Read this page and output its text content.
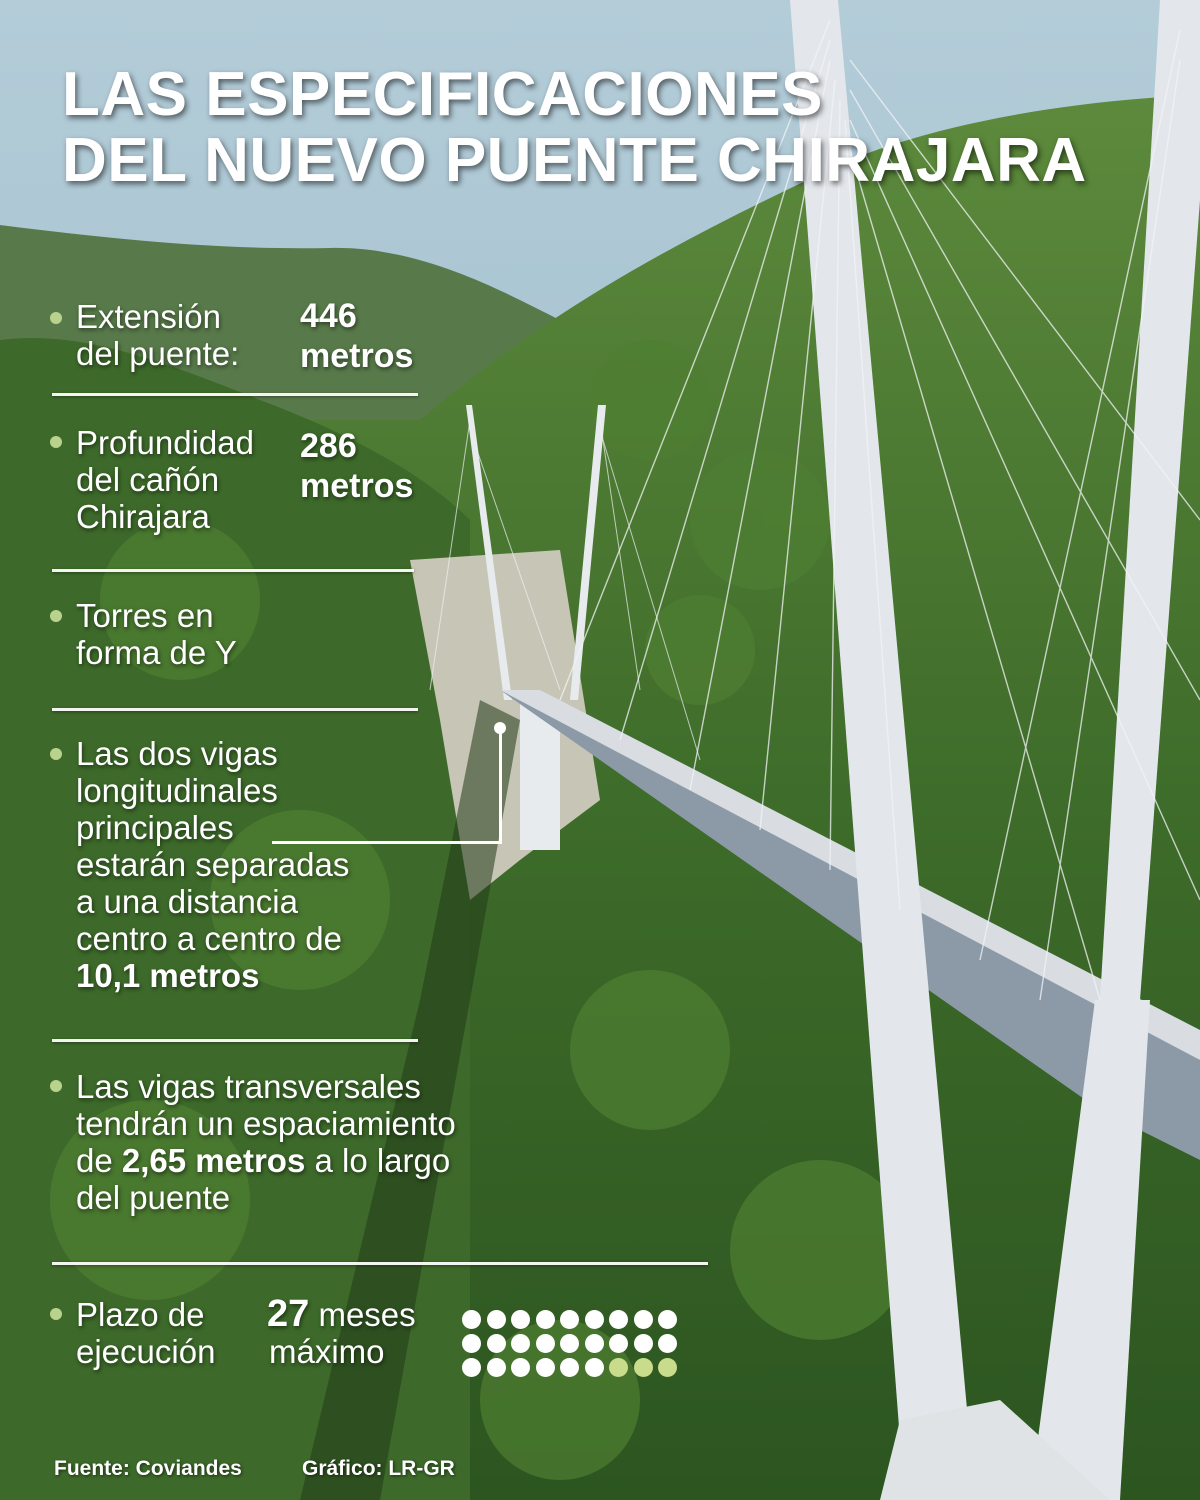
LAS ESPECIFICACIONES
DEL NUEVO PUENTE CHIRAJARA
Extensión
del puente:
446
metros
Profundidad
del cañón
Chirajara
286
metros
Torres en
forma de Y
Las dos vigas
longitudinales
principales
estarán separadas
a una distancia
centro a centro de
10,1 metros
Las vigas transversales
tendrán un espaciamiento
de 2,65 metros a lo largo
del puente
Plazo de
ejecución
27 meses
máximo
Fuente: Coviandes	Gráfico: LR-GR
